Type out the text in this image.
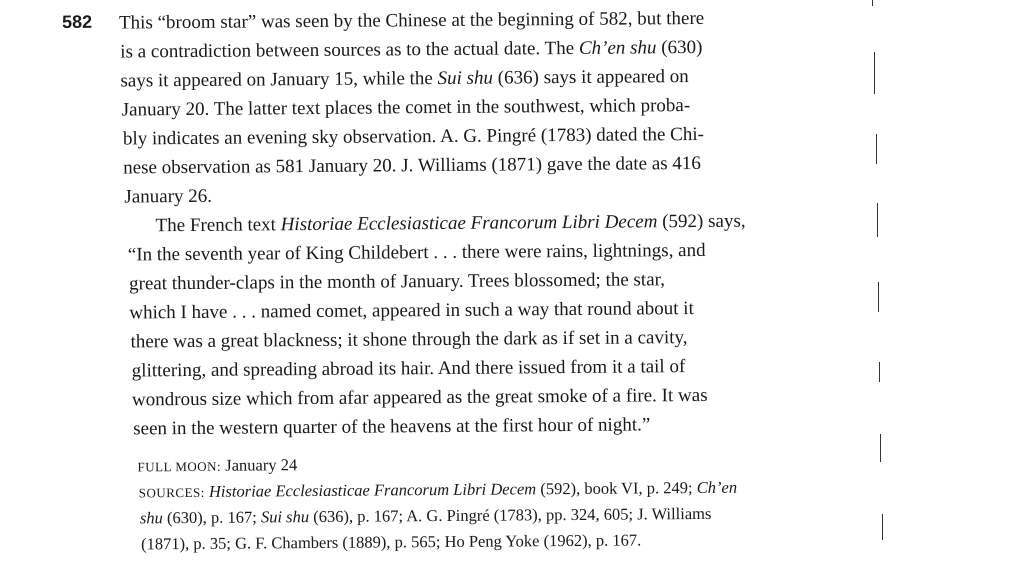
582 This “broom star” was seen by the Chinese at the beginning of 582, but there
is a contradiction between sources as to the actual date. The Ch’en shu (630)
says it appeared on January 15, while the Sui shu (636) says it appeared on
January 20. The latter text places the comet in the southwest, which proba-
bly indicates an evening sky observation. A. G. Pingré (1783) dated the Chi-
nese observation as 581 January 20. J. Williams (1871) gave the date as 416
January 26.
The French text Historiae Ecclesiasticae Francorum Libri Decem (592) says,
“In the seventh year of King Childebert . . . there were rains, lightnings, and
great thunder-claps in the month of January. Trees blossomed; the star,
which I have . . . named comet, appeared in such a way that round about it
there was a great blackness; it shone through the dark as if set in a cavity,
glittering, and spreading abroad its hair. And there issued from it a tail of
wondrous size which from afar appeared as the great smoke of a fire. It was
seen in the western quarter of the heavens at the first hour of night.”
FULL MOON: January 24
SOURCES: Historiae Ecclesiasticae Francorum Libri Decem (592), book VI, p. 249; Ch’en
shu (630), p. 167; Sui shu (636), p. 167; A. G. Pingré (1783), pp. 324, 605; J. Williams
(1871), p. 35; G. F. Chambers (1889), p. 565; Ho Peng Yoke (1962), p. 167.
